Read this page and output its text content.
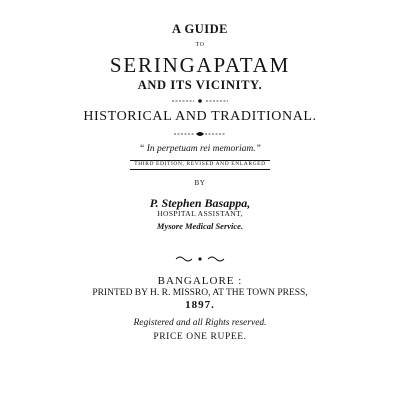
A GUIDE
TO
SERINGAPATAM
AND ITS VICINITY.
HISTORICAL AND TRADITIONAL.
“ In perpetuam rei memoriam.”
THIRD EDITION, REVISED AND ENLARGED
BY
P. Stephen Basappa,
HOSPITAL ASSISTANT,
Mysore Medical Service.
BANGALORE :
PRINTED BY H. R. MISSRO, AT THE TOWN PRESS,
1897.
Registered and all Rights reserved.
PRICE ONE RUPEE.
